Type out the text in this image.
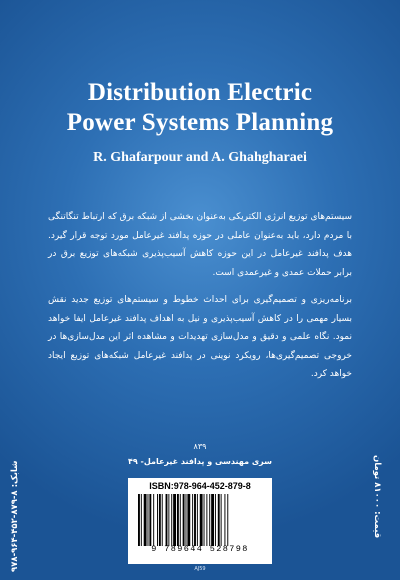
Distribution Electric
Power Systems Planning
R. Ghafarpour and A. Ghahgharaei

سیستم‌های توزیع انرژی الکتریکی به‌عنوان بخشی از شبکه برق که ارتباط تنگاتنگی با مردم دارد، باید به‌عنوان عاملی در حوزه پدافند غیرعامل مورد توجه قرار گیرد. هدف پدافند غیرعامل در این حوزه کاهش آسیب‌پذیری شبکه‌های توزیع برق در برابر حملات عمدی و غیرعمدی است.

برنامه‌ریزی و تصمیم‌گیری برای احداث خطوط و سیستم‌های توزیع جدید نقش بسیار مهمی را در کاهش آسیب‌پذیری و نیل به اهداف پدافند غیرعامل ایفا خواهد نمود. نگاه علمی و دقیق و مدل‌سازی تهدیدات و مشاهده اثر این مدل‌سازی‌ها در خروجی تصمیم‌گیری‌ها، رویکرد نوینی در پدافند غیرعامل شبکه‌های توزیع ایجاد خواهد کرد.

۸۳۹
سری مهندسی و پدافند غیرعامل- ۴۹
ISBN:978-964-452-879-8
9 789644 528798
AJ59
شابک: ۸-۸۷۹-۴۵۲-۹۶۴-۹۷۸	قیمت: ۸۱۰۰۰ تومان
